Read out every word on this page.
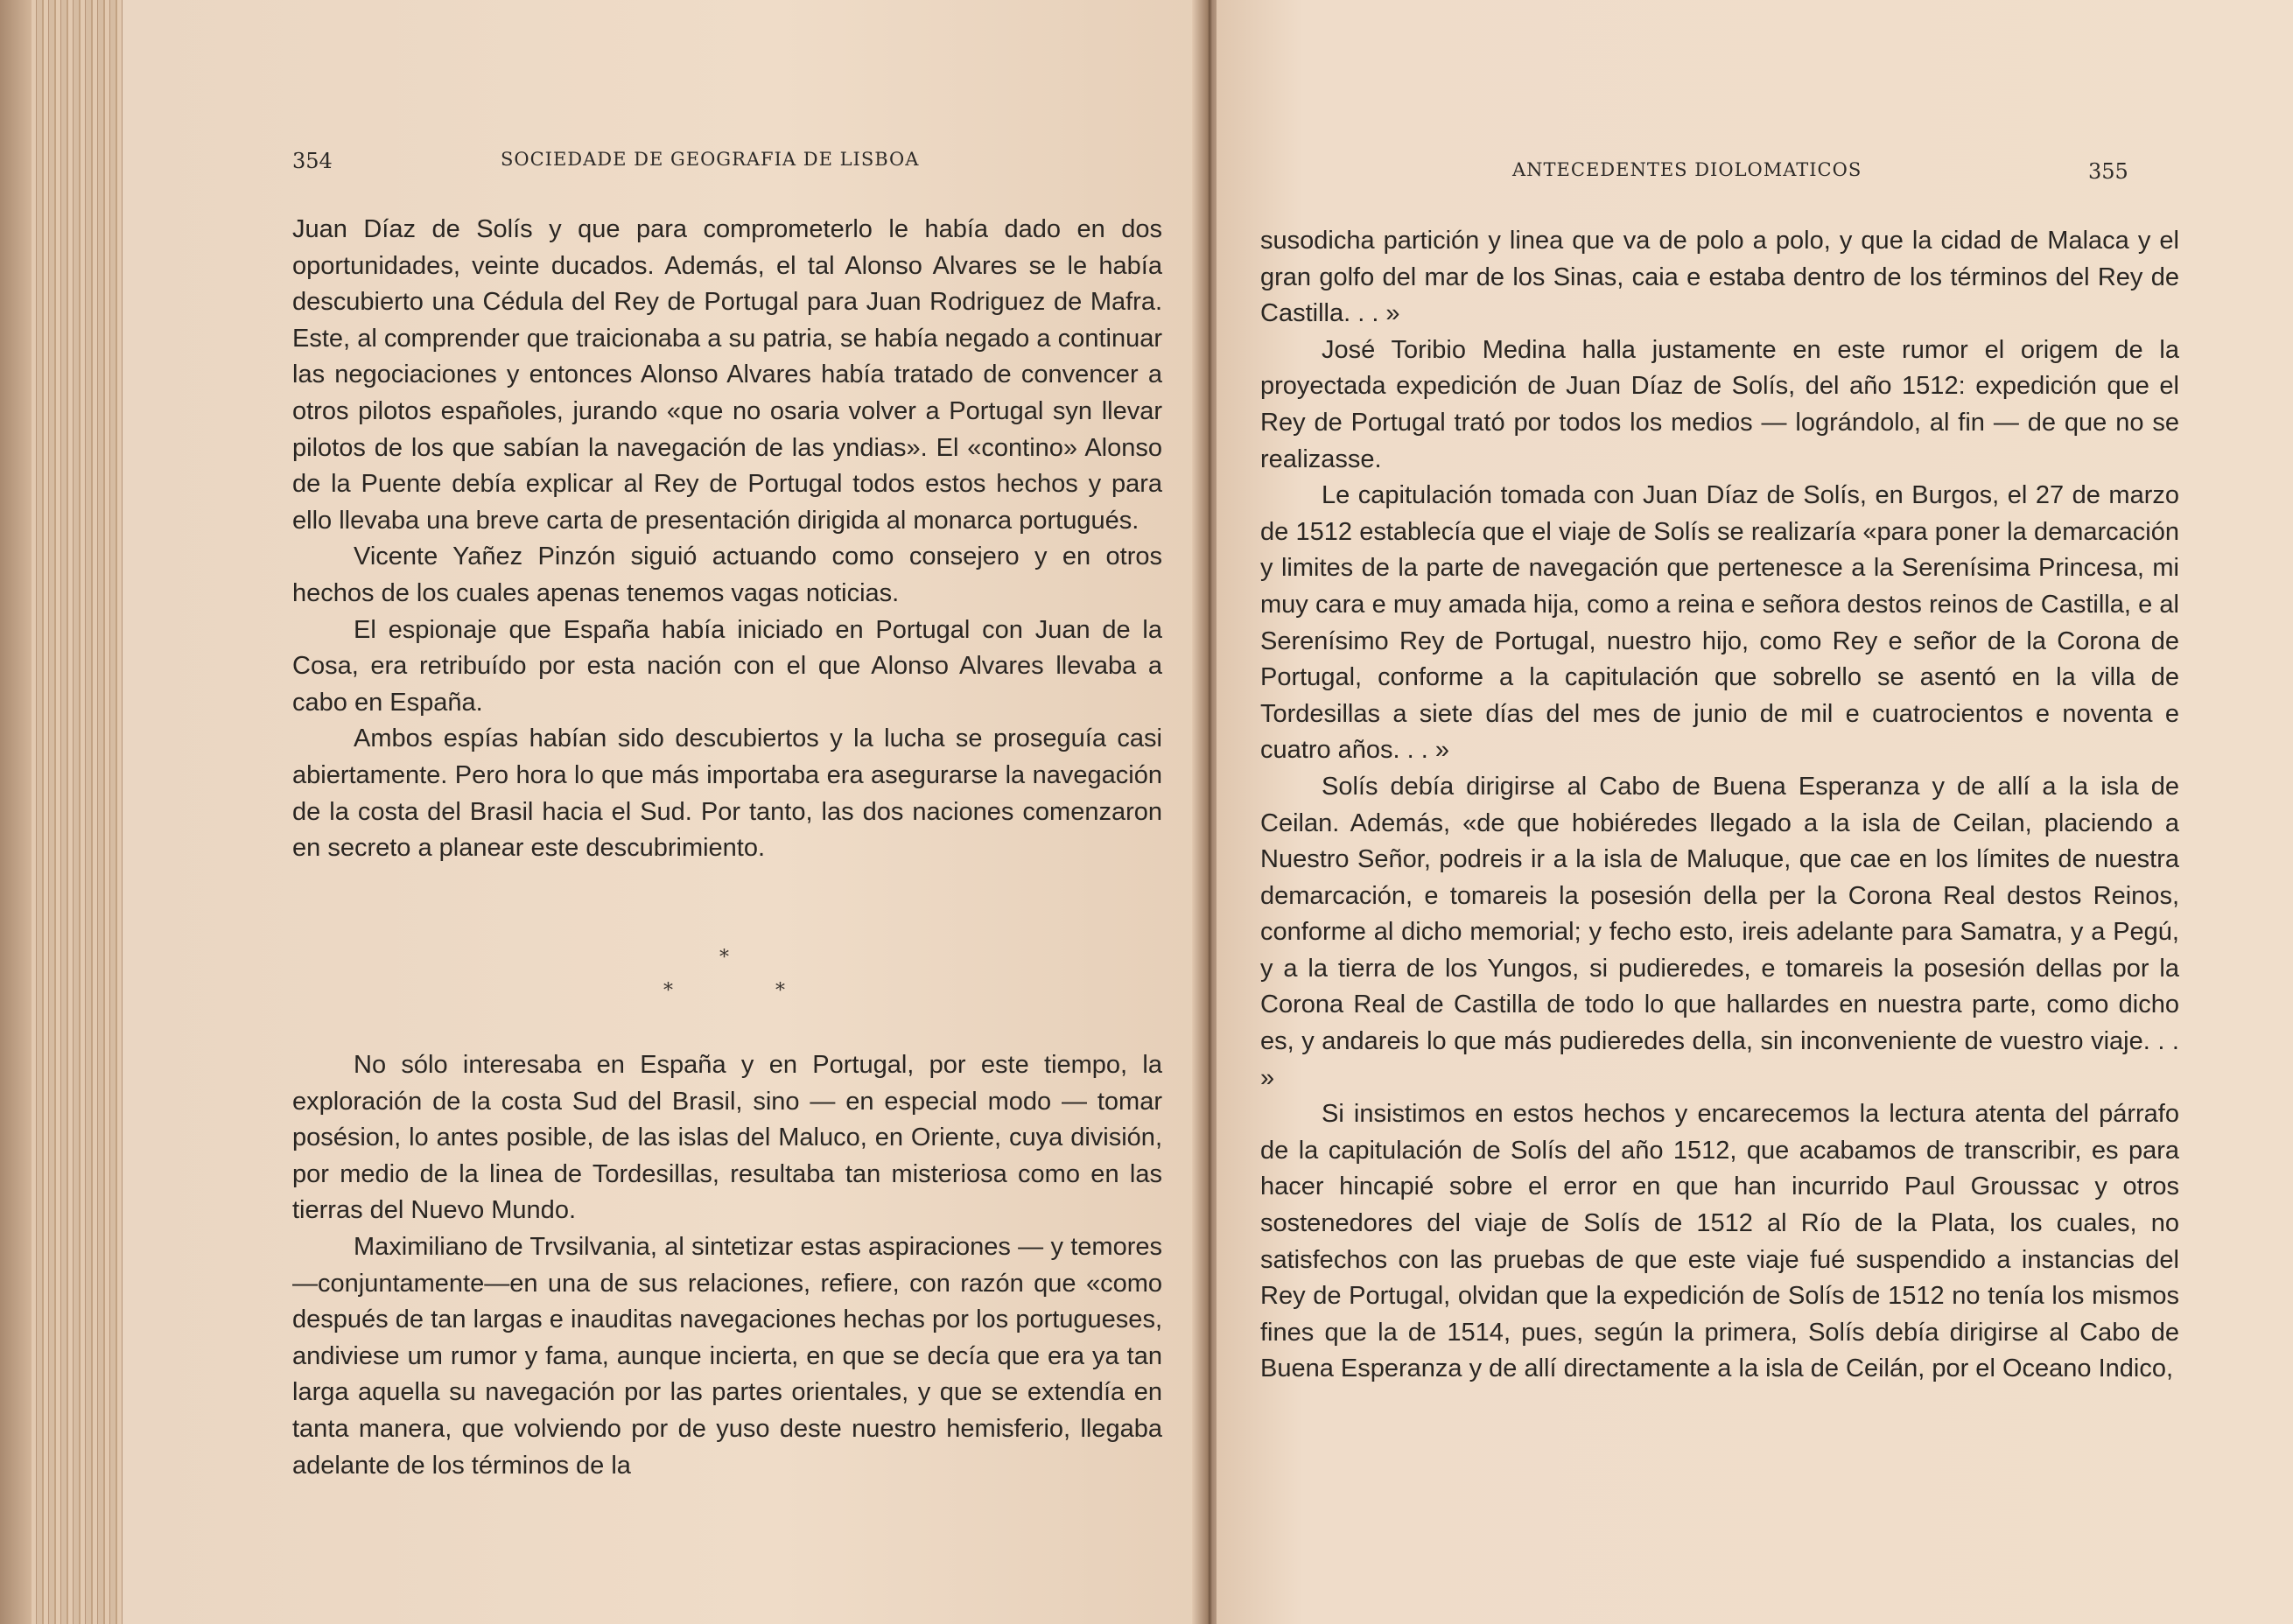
354	SOCIEDADE DE GEOGRAFIA DE LISBOA

Juan Díaz de Solís y que para comprometerlo le había dado en dos oportunidades, veinte ducados. Además, el tal Alonso Alvares se le había descubierto una Cédula del Rey de Portugal para Juan Rodriguez de Mafra. Este, al comprender que traicionaba a su patria, se había negado a continuar las negociaciones y entonces Alonso Alvares había tratado de convencer a otros pilotos españoles, jurando «que no osaria volver a Portugal syn llevar pilotos de los que sabían la navegación de las yndias». El «contino» Alonso de la Puente debía explicar al Rey de Portugal todos estos hechos y para ello llevaba una breve carta de presentación dirigida al monarca portugués.

Vicente Yañez Pinzón siguió actuando como consejero y en otros hechos de los cuales apenas tenemos vagas noticias.

El espionaje que España había iniciado en Portugal con Juan de la Cosa, era retribuído por esta nación con el que Alonso Alvares llevaba a cabo en España.

Ambos espías habían sido descubiertos y la lucha se proseguía casi abiertamente. Pero hora lo que más importaba era asegurarse la navegación de la costa del Brasil hacia el Sud. Por tanto, las dos naciones comenzaron en secreto a planear este descubrimiento.

*
*	*

No sólo interesaba en España y en Portugal, por este tiempo, la exploración de la costa Sud del Brasil, sino — en especial modo — tomar posésion, lo antes posible, de las islas del Maluco, en Oriente, cuya división, por medio de la linea de Tordesillas, resultaba tan misteriosa como en las tierras del Nuevo Mundo.

Maximiliano de Trvsilvania, al sintetizar estas aspiraciones — y temores—conjuntamente—en una de sus relaciones, refiere, con razón que «como después de tan largas e inauditas navegaciones hechas por los portugueses, andiviese um rumor y fama, aunque incierta, en que se decía que era ya tan larga aquella su navegación por las partes orientales, y que se extendía en tanta manera, que volviendo por de yuso deste nuestro hemisferio, llegaba adelante de los términos de la

ANTECEDENTES DIOLOMATICOS	355

susodicha partición y linea que va de polo a polo, y que la cidad de Malaca y el gran golfo del mar de los Sinas, caia e estaba dentro de los términos del Rey de Castilla. . . »

José Toribio Medina halla justamente en este rumor el origem de la proyectada expedición de Juan Díaz de Solís, del año 1512: expedición que el Rey de Portugal trató por todos los medios — lográndolo, al fin — de que no se realizasse.

Le capitulación tomada con Juan Díaz de Solís, en Burgos, el 27 de marzo de 1512 establecía que el viaje de Solís se realizaría «para poner la demarcación y limites de la parte de navegación que pertenesce a la Serenísima Princesa, mi muy cara e muy amada hija, como a reina e señora destos reinos de Castilla, e al Serenísimo Rey de Portugal, nuestro hijo, como Rey e señor de la Corona de Portugal, conforme a la capitulación que sobrello se asentó en la villa de Tordesillas a siete días del mes de junio de mil e cuatrocientos e noventa e cuatro años. . . »

Solís debía dirigirse al Cabo de Buena Esperanza y de allí a la isla de Ceilan. Además, «de que hobiéredes llegado a la isla de Ceilan, placiendo a Nuestro Señor, podreis ir a la isla de Maluque, que cae en los límites de nuestra demarcación, e tomareis la posesión della per la Corona Real destos Reinos, conforme al dicho memorial; y fecho esto, ireis adelante para Samatra, y a Pegú, y a la tierra de los Yungos, si pudieredes, e tomareis la posesión dellas por la Corona Real de Castilla de todo lo que hallardes en nuestra parte, como dicho es, y andareis lo que más pudieredes della, sin inconveniente de vuestro viaje. . . »

Si insistimos en estos hechos y encarecemos la lectura atenta del párrafo de la capitulación de Solís del año 1512, que acabamos de transcribir, es para hacer hincapié sobre el error en que han incurrido Paul Groussac y otros sostenedores del viaje de Solís de 1512 al Río de la Plata, los cuales, no satisfechos con las pruebas de que este viaje fué suspendido a instancias del Rey de Portugal, olvidan que la expedición de Solís de 1512 no tenía los mismos fines que la de 1514, pues, según la primera, Solís debía dirigirse al Cabo de Buena Esperanza y de allí directamente a la isla de Ceilán, por el Oceano Indico,
